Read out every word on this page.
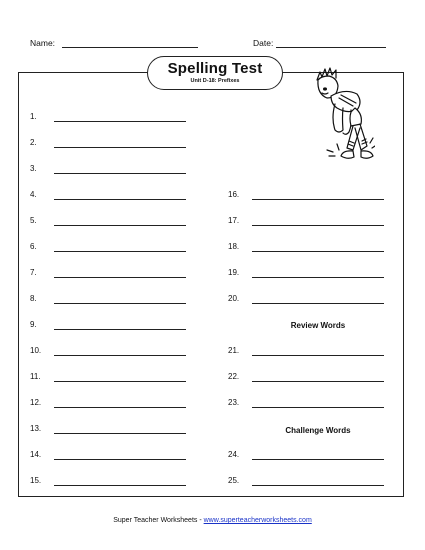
Name:	Date:
Spelling Test
Unit D-18: Prefixes
1.
2.
3.
4.
5.
6.
7.
8.
9.
10.
11.
12.
13.
14.
15.
16.
17.
18.
19.
20.
Review Words
21.
22.
23.
Challenge Words
24.
25.
Super Teacher Worksheets - www.superteacherworksheets.com
